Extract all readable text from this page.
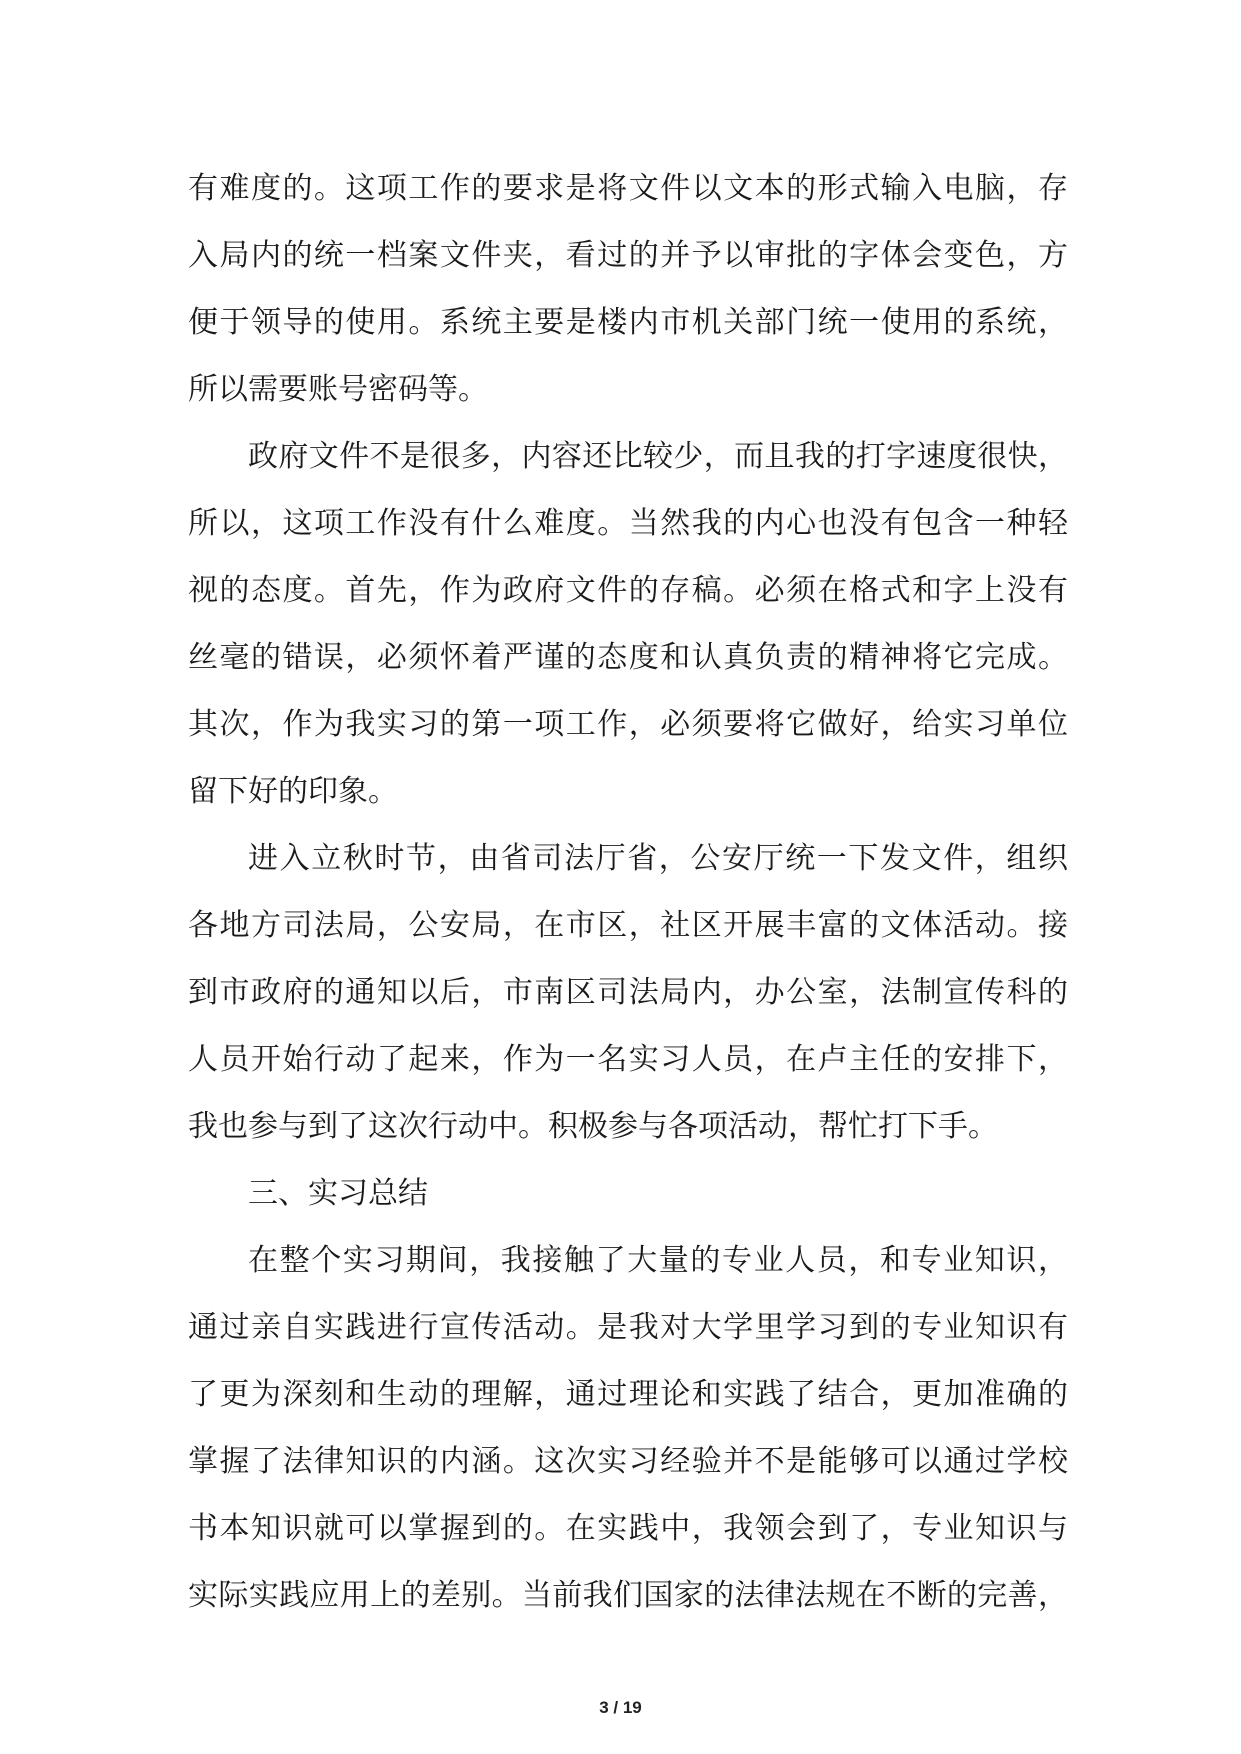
有难度的。这项工作的要求是将文件以文本的形式输入电脑，存
入局内的统一档案文件夹，看过的并予以审批的字体会变色，方
便于领导的使用。系统主要是楼内市机关部门统一使用的系统，
所以需要账号密码等。
政府文件不是很多，内容还比较少，而且我的打字速度很快，
所以，这项工作没有什么难度。当然我的内心也没有包含一种轻
视的态度。首先，作为政府文件的存稿。必须在格式和字上没有
丝毫的错误，必须怀着严谨的态度和认真负责的精神将它完成。
其次，作为我实习的第一项工作，必须要将它做好，给实习单位
留下好的印象。
进入立秋时节，由省司法厅省，公安厅统一下发文件，组织
各地方司法局，公安局，在市区，社区开展丰富的文体活动。接
到市政府的通知以后，市南区司法局内，办公室，法制宣传科的
人员开始行动了起来，作为一名实习人员，在卢主任的安排下，
我也参与到了这次行动中。积极参与各项活动，帮忙打下手。
三、实习总结
在整个实习期间，我接触了大量的专业人员，和专业知识，
通过亲自实践进行宣传活动。是我对大学里学习到的专业知识有
了更为深刻和生动的理解，通过理论和实践了结合，更加准确的
掌握了法律知识的内涵。这次实习经验并不是能够可以通过学校
书本知识就可以掌握到的。在实践中，我领会到了，专业知识与
实际实践应用上的差别。当前我们国家的法律法规在不断的完善，
3 / 19
